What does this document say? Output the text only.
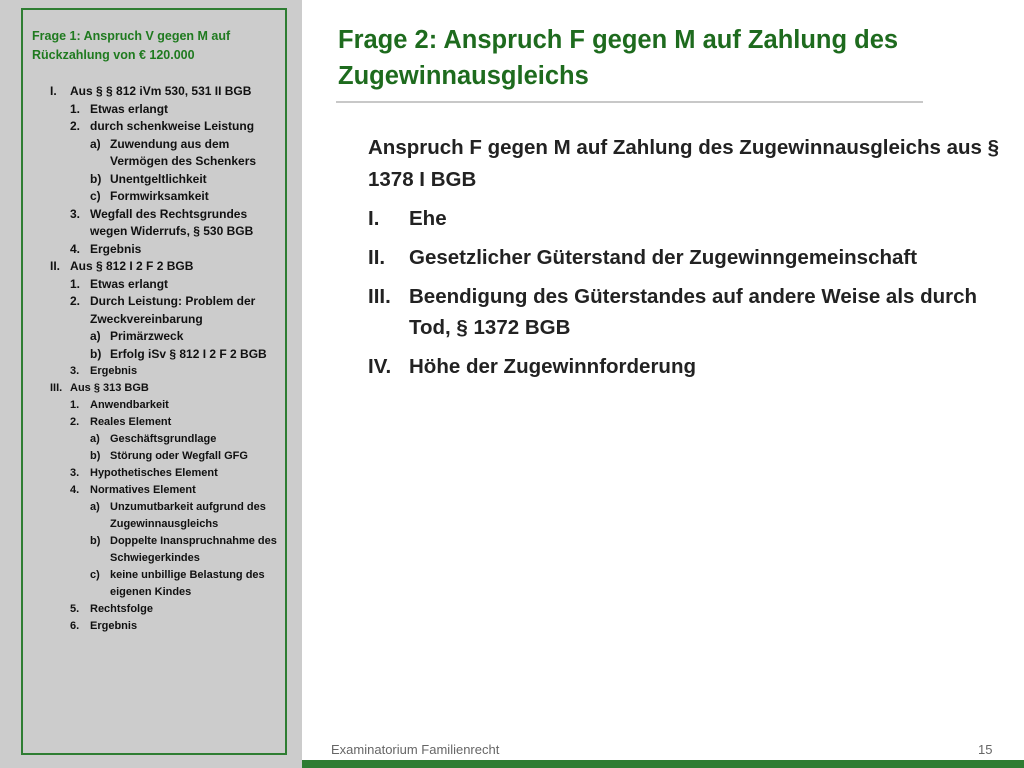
Frage 1: Anspruch V gegen M auf Rückzahlung von € 120.000
I. Aus § § 812 iVm 530, 531 II BGB
1. Etwas erlangt
2. durch schenkweise Leistung
a) Zuwendung aus dem Vermögen des Schenkers
b) Unentgeltlichkeit
c) Formwirksamkeit
3. Wegfall des Rechtsgrundes wegen Widerrufs, § 530 BGB
4. Ergebnis
II. Aus § 812 I 2 F 2 BGB
1. Etwas erlangt
2. Durch Leistung: Problem der Zweckvereinbarung
a) Primärzweck
b) Erfolg iSv § 812 I 2 F 2 BGB
3. Ergebnis
III. Aus § 313 BGB
1. Anwendbarkeit
2. Reales Element
a) Geschäftsgrundlage
b) Störung oder Wegfall GFG
3. Hypothetisches Element
4. Normatives Element
a) Unzumutbarkeit aufgrund des Zugewinnausgleichs
b) Doppelte Inanspruchnahme des Schwiegerkindes
c) keine unbillige Belastung des eigenen Kindes
5. Rechtsfolge
6. Ergebnis
Frage 2: Anspruch F gegen M auf Zahlung des Zugewinnausgleichs
Anspruch F gegen M auf Zahlung des Zugewinnausgleichs aus § 1378 I BGB
I. Ehe
II. Gesetzlicher Güterstand der Zugewinngemeinschaft
III. Beendigung des Güterstandes auf andere Weise als durch Tod, § 1372 BGB
IV. Höhe der Zugewinnforderung
Examinatorium Familienrecht	15
